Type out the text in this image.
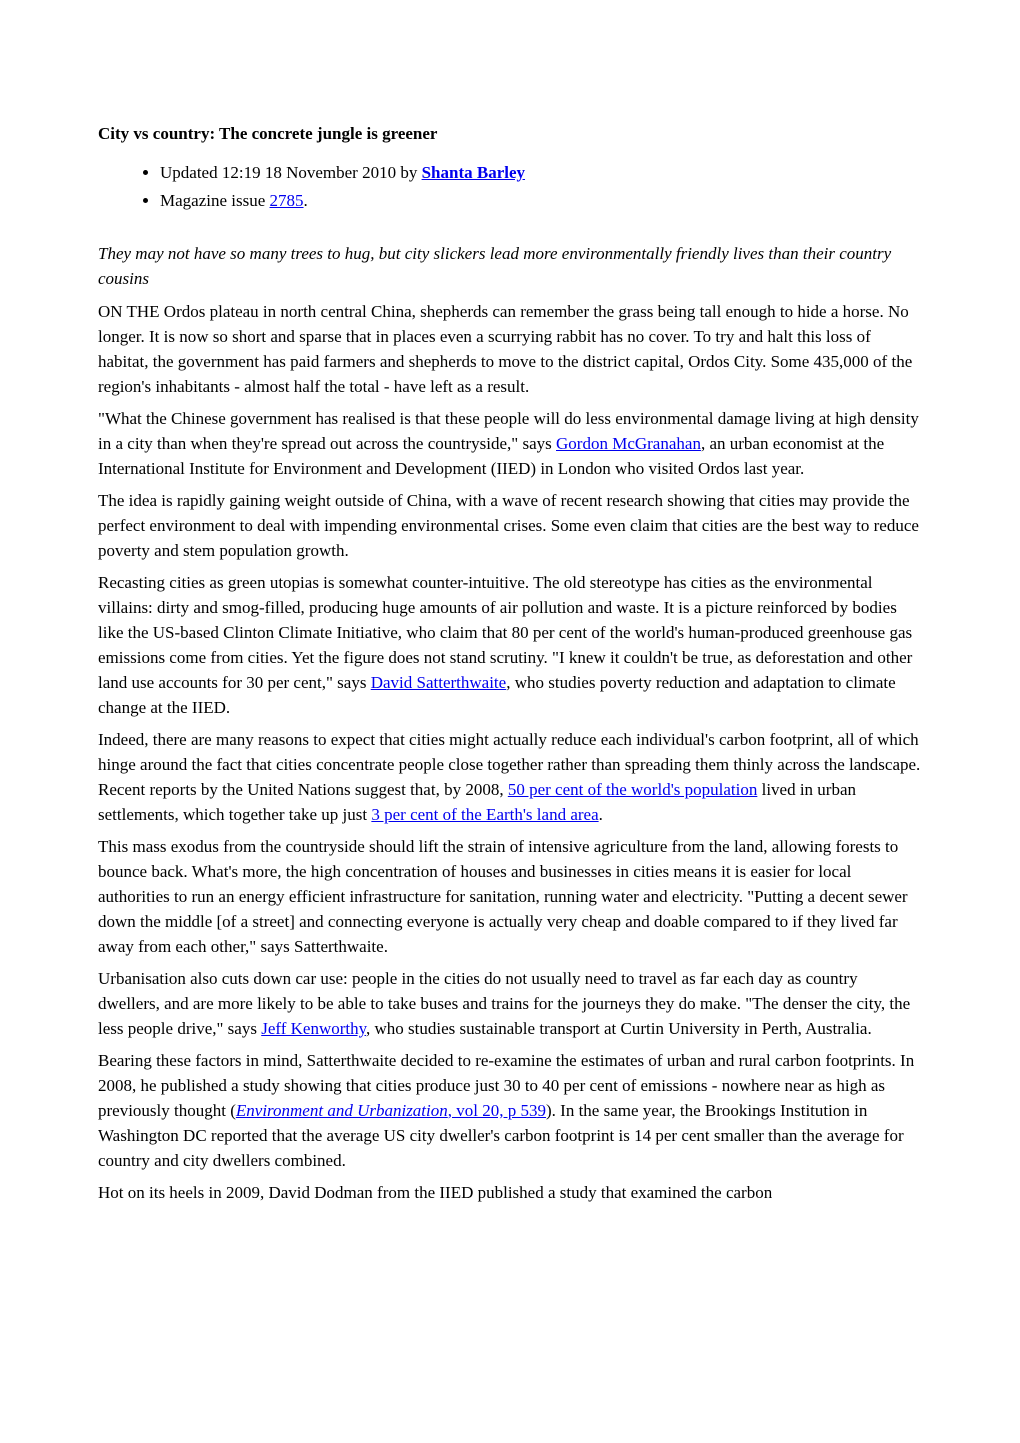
City vs country: The concrete jungle is greener
• Updated 12:19 18 November 2010 by Shanta Barley
• Magazine issue 2785.

They may not have so many trees to hug, but city slickers lead more environmentally friendly lives than their country cousins

ON THE Ordos plateau in north central China, shepherds can remember the grass being tall enough to hide a horse. No longer. It is now so short and sparse that in places even a scurrying rabbit has no cover. To try and halt this loss of habitat, the government has paid farmers and shepherds to move to the district capital, Ordos City. Some 435,000 of the region's inhabitants - almost half the total - have left as a result.

"What the Chinese government has realised is that these people will do less environmental damage living at high density in a city than when they're spread out across the countryside," says Gordon McGranahan, an urban economist at the International Institute for Environment and Development (IIED) in London who visited Ordos last year.

The idea is rapidly gaining weight outside of China, with a wave of recent research showing that cities may provide the perfect environment to deal with impending environmental crises. Some even claim that cities are the best way to reduce poverty and stem population growth.

Recasting cities as green utopias is somewhat counter-intuitive. The old stereotype has cities as the environmental villains: dirty and smog-filled, producing huge amounts of air pollution and waste. It is a picture reinforced by bodies like the US-based Clinton Climate Initiative, who claim that 80 per cent of the world's human-produced greenhouse gas emissions come from cities. Yet the figure does not stand scrutiny. "I knew it couldn't be true, as deforestation and other land use accounts for 30 per cent," says David Satterthwaite, who studies poverty reduction and adaptation to climate change at the IIED.

Indeed, there are many reasons to expect that cities might actually reduce each individual's carbon footprint, all of which hinge around the fact that cities concentrate people close together rather than spreading them thinly across the landscape. Recent reports by the United Nations suggest that, by 2008, 50 per cent of the world's population lived in urban settlements, which together take up just 3 per cent of the Earth's land area.

This mass exodus from the countryside should lift the strain of intensive agriculture from the land, allowing forests to bounce back. What's more, the high concentration of houses and businesses in cities means it is easier for local authorities to run an energy efficient infrastructure for sanitation, running water and electricity. "Putting a decent sewer down the middle [of a street] and connecting everyone is actually very cheap and doable compared to if they lived far away from each other," says Satterthwaite.

Urbanisation also cuts down car use: people in the cities do not usually need to travel as far each day as country dwellers, and are more likely to be able to take buses and trains for the journeys they do make. "The denser the city, the less people drive," says Jeff Kenworthy, who studies sustainable transport at Curtin University in Perth, Australia.

Bearing these factors in mind, Satterthwaite decided to re-examine the estimates of urban and rural carbon footprints. In 2008, he published a study showing that cities produce just 30 to 40 per cent of emissions - nowhere near as high as previously thought (Environment and Urbanization, vol 20, p 539). In the same year, the Brookings Institution in Washington DC reported that the average US city dweller's carbon footprint is 14 per cent smaller than the average for country and city dwellers combined.

Hot on its heels in 2009, David Dodman from the IIED published a study that examined the carbon
